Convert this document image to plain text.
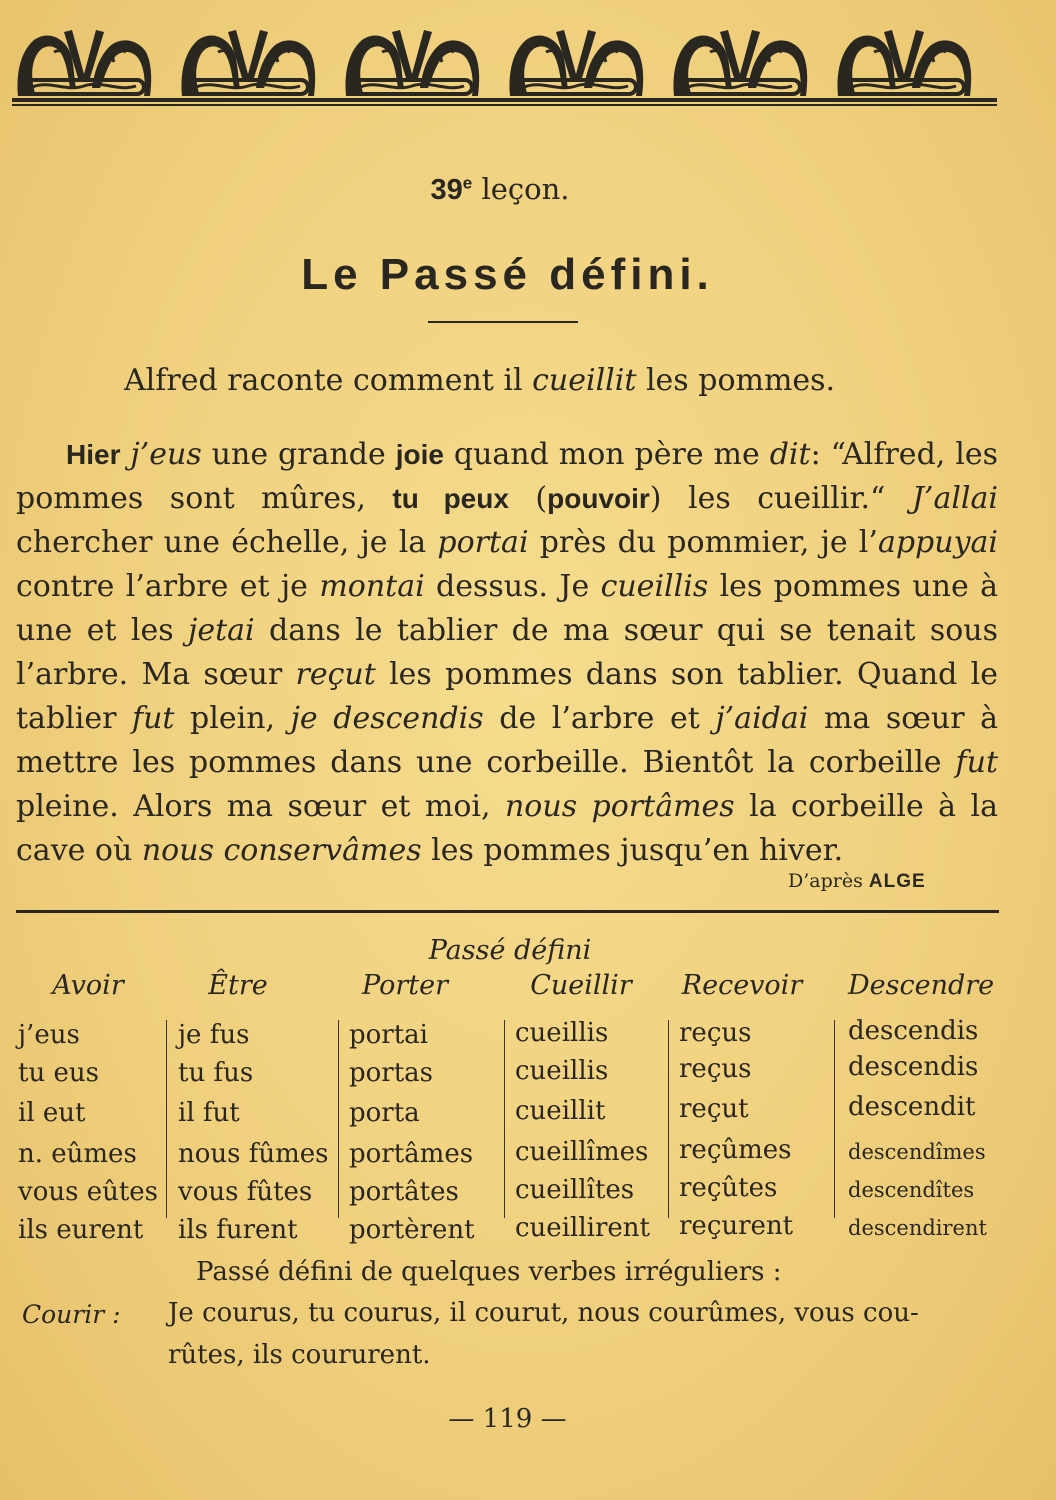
39e leçon.
Le Passé défini.
Alfred raconte comment il cueillit les pommes.

Hier j’eus une grande joie quand mon père me dit: “Alfred, les pommes sont mûres, tu peux (pouvoir) les cueillir.“ J’allai chercher une échelle, je la portai près du pommier, je l’appuyai contre l’arbre et je montai dessus. Je cueillis les pommes une à une et les jetai dans le tablier de ma sœur qui se tenait sous l’arbre. Ma sœur reçut les pommes dans son tablier. Quand le tablier fut plein, je descendis de l’arbre et j’aidai ma sœur à mettre les pommes dans une corbeille. Bientôt la corbeille fut pleine. Alors ma sœur et moi, nous portâmes la corbeille à la cave où nous conservâmes les pommes jusqu’en hiver.

D’après ALGE
Passé défini
Avoir
j’eus
tu eus
il eut
n. eûmes
vous eûtes
ils eurent
Être
je fus
tu fus
il fut
nous fûmes
vous fûtes
ils furent
Porter
portai
portas
porta
portâmes
portâtes
portèrent
Cueillir
cueillis
cueillis
cueillit
cueillîmes
cueillîtes
cueillirent
Recevoir
reçus
reçus
reçut
reçûmes
reçûtes
reçurent
Descendre
descendis
descendis
descendit
descendîmes
descendîtes
descendirent
Passé défini de quelques verbes irréguliers :
Courir : Je courus, tu courus, il courut, nous courûmes, vous cou-
rûtes, ils coururent.
— 119 —
